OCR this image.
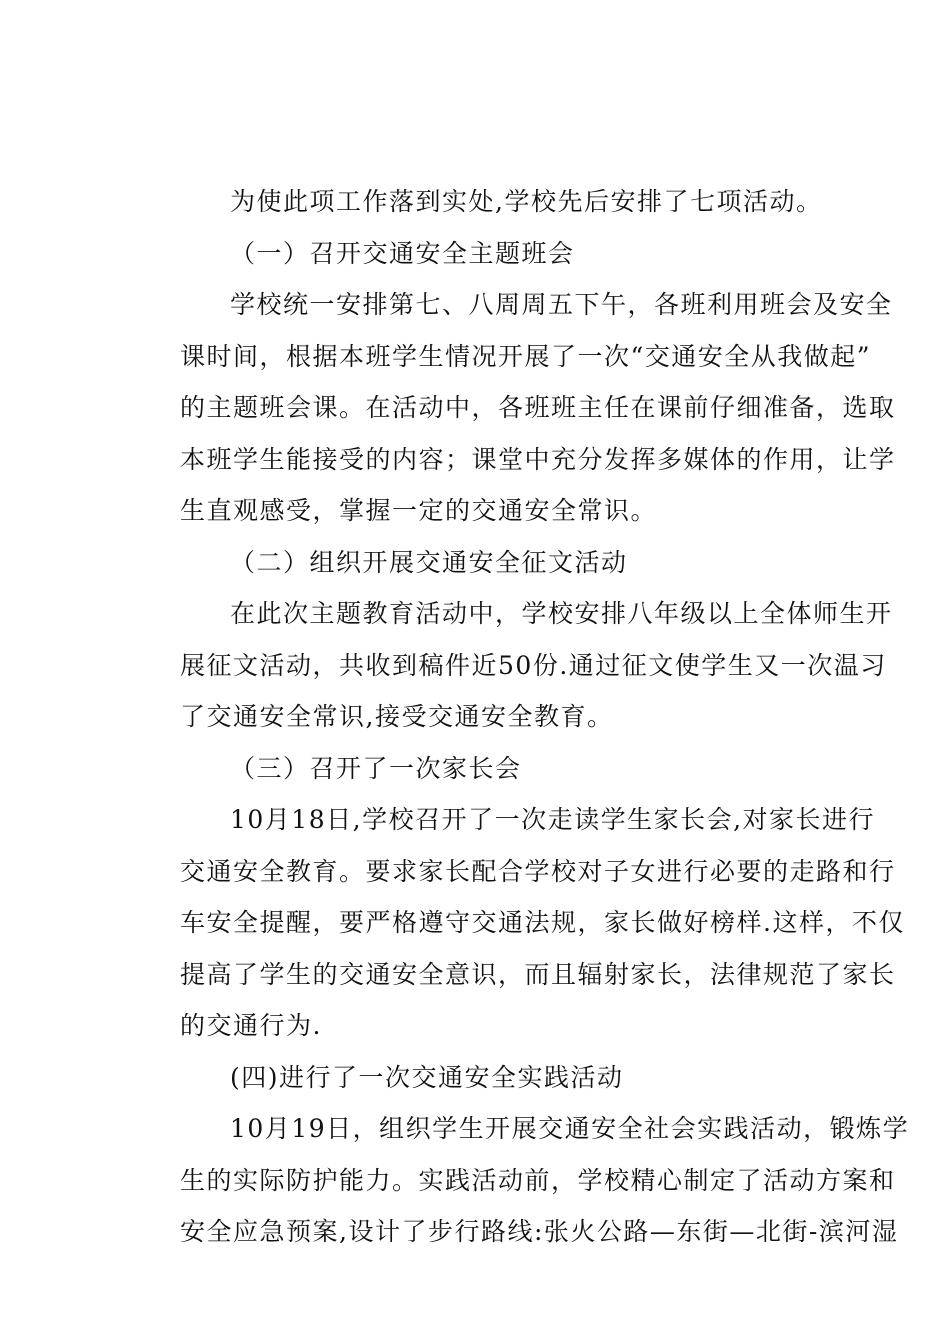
为使此项工作落到实处,学校先后安排了七项活动。
（一）召开交通安全主题班会
学校统一安排第七、八周周五下午，各班利用班会及安全
课时间，根据本班学生情况开展了一次“交通安全从我做起”
的主题班会课。在活动中，各班班主任在课前仔细准备，选取
本班学生能接受的内容；课堂中充分发挥多媒体的作用，让学
生直观感受，掌握一定的交通安全常识。
（二）组织开展交通安全征文活动
在此次主题教育活动中，学校安排八年级以上全体师生开
展征文活动，共收到稿件近50份.通过征文使学生又一次温习
了交通安全常识,接受交通安全教育。
（三）召开了一次家长会
10月18日,学校召开了一次走读学生家长会,对家长进行
交通安全教育。要求家长配合学校对子女进行必要的走路和行
车安全提醒，要严格遵守交通法规，家长做好榜样.这样，不仅
提高了学生的交通安全意识，而且辐射家长，法律规范了家长
的交通行为.
(四)进行了一次交通安全实践活动
10月19日，组织学生开展交通安全社会实践活动，锻炼学
生的实际防护能力。实践活动前，学校精心制定了活动方案和
安全应急预案,设计了步行路线:张火公路—东街—北街-滨河湿
